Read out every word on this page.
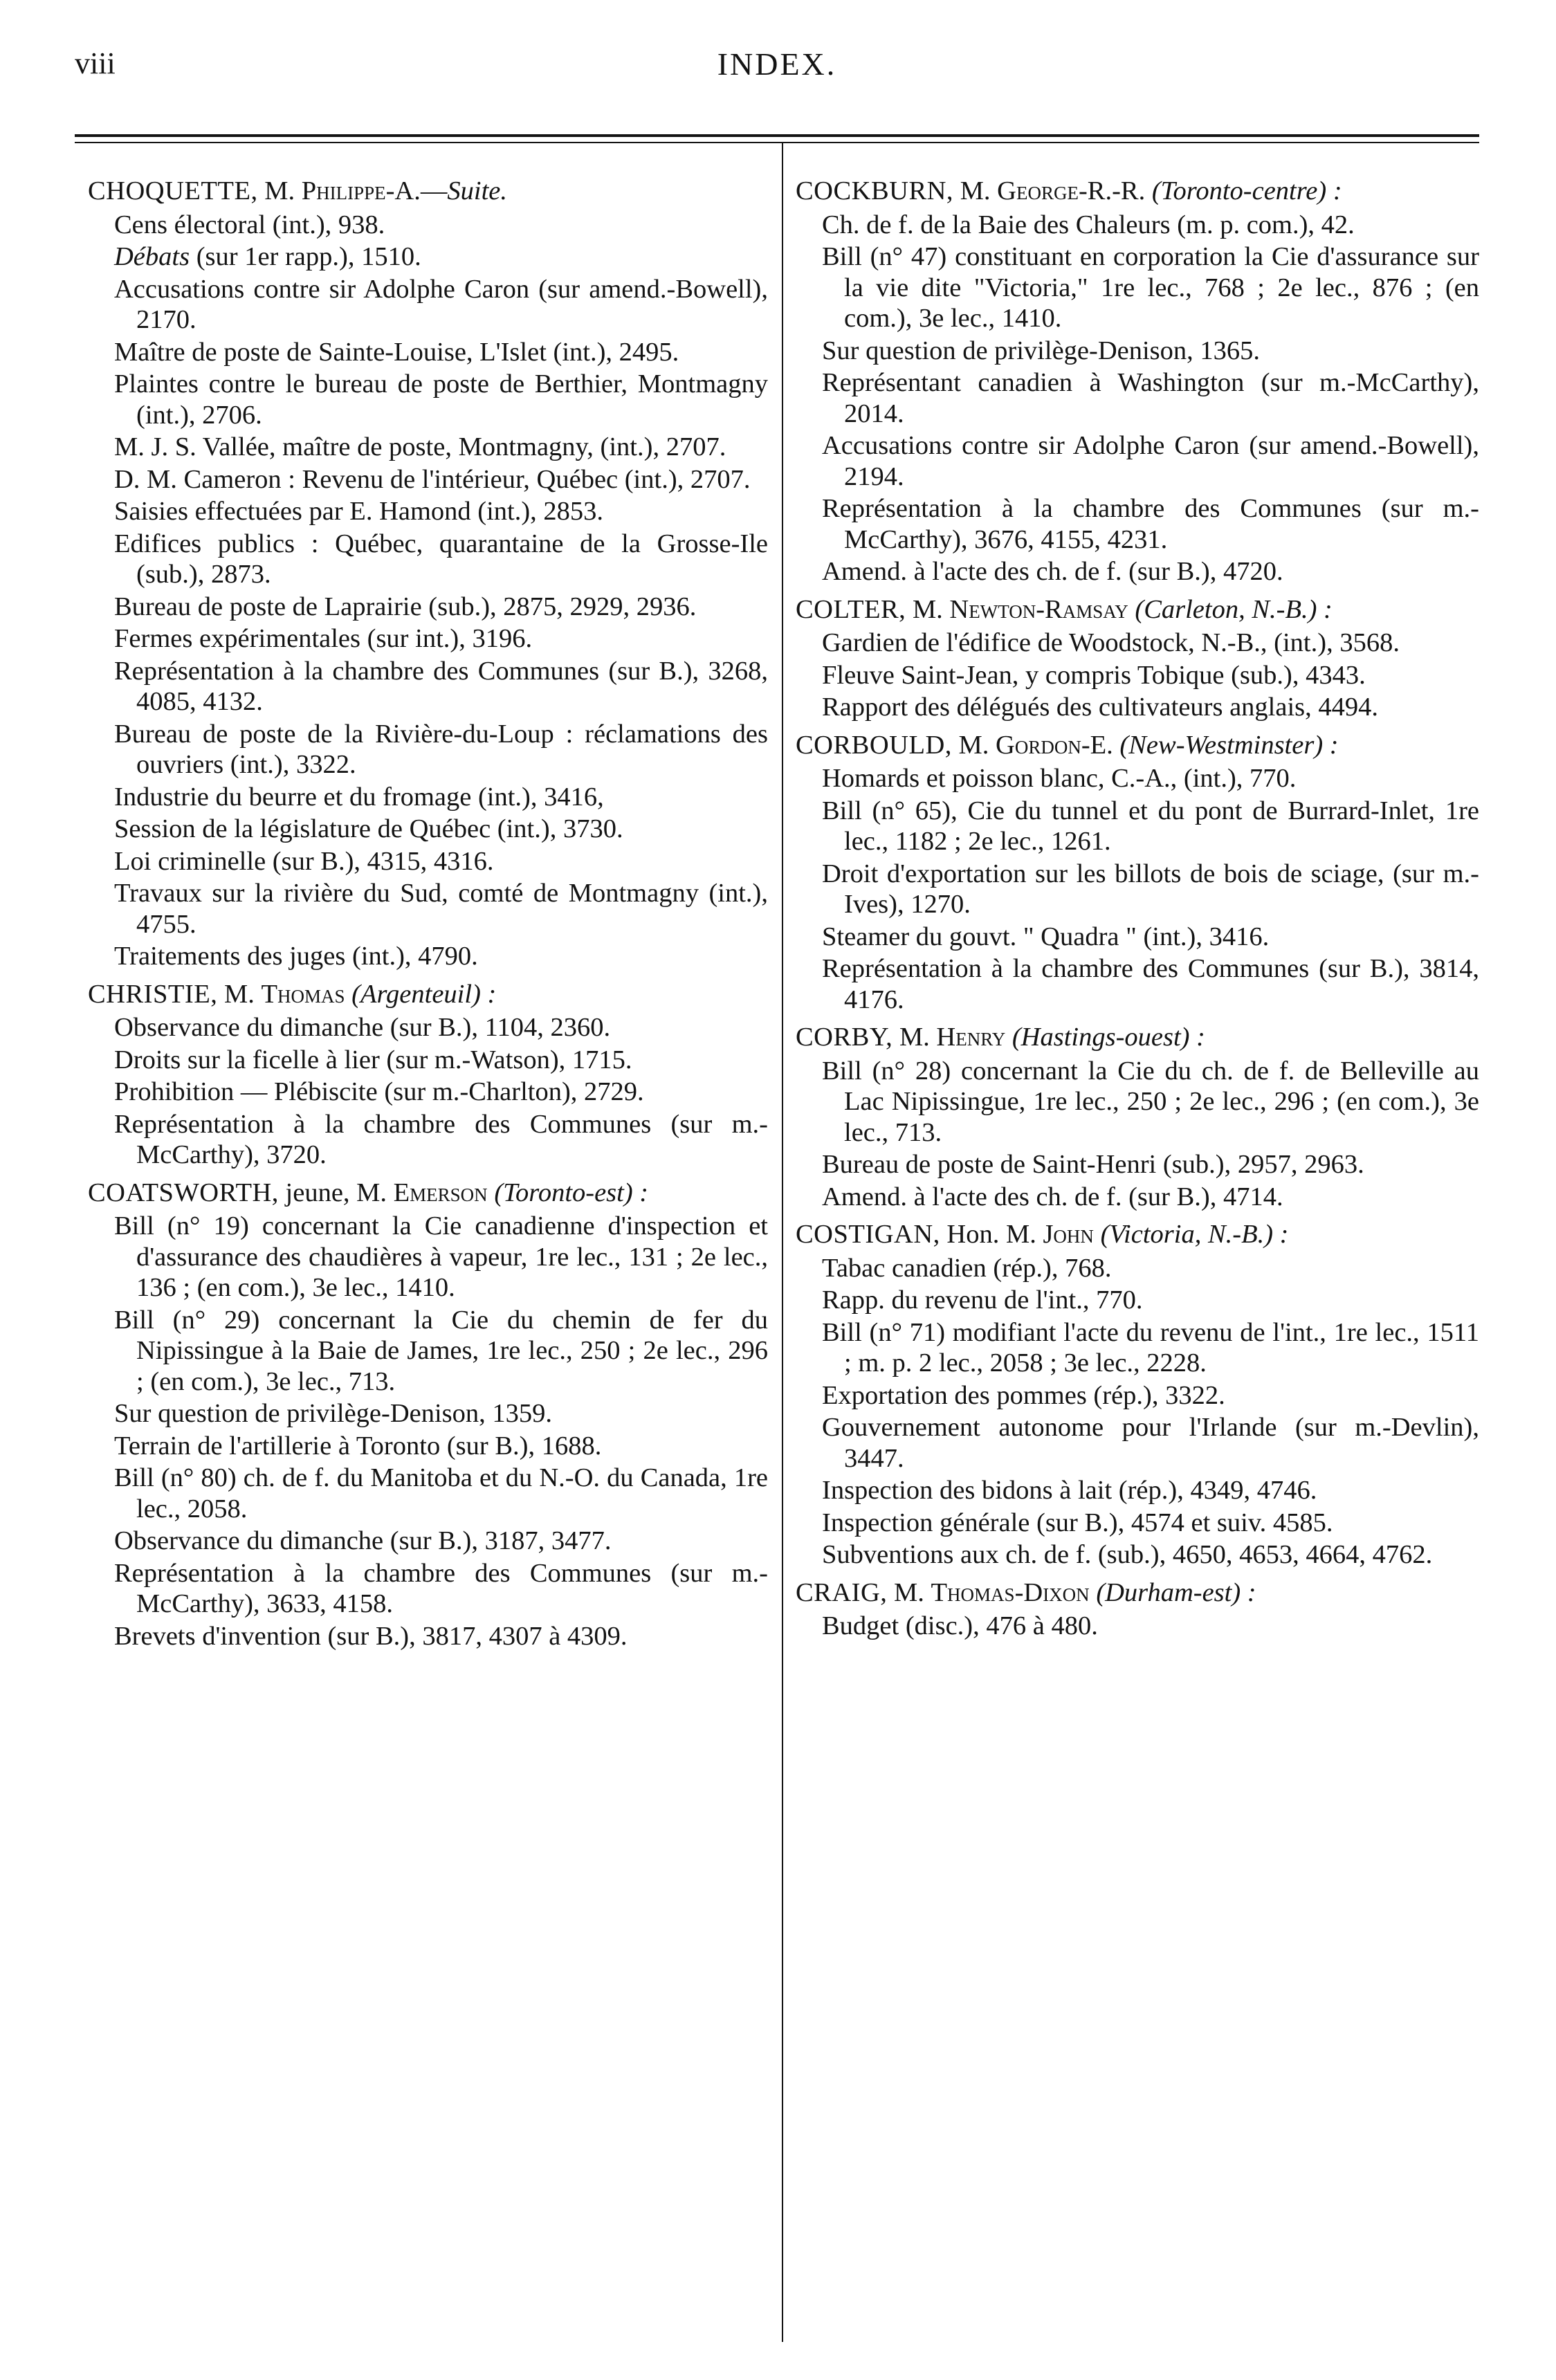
viii	INDEX.
CHOQUETTE, M. Philippe-A.—Suite.
Cens électoral (int.), 938.
Débats (sur 1er rapp.), 1510.
Accusations contre sir Adolphe Caron (sur amend.-Bowell), 2170.
Maître de poste de Sainte-Louise, L'Islet (int.), 2495.
Plaintes contre le bureau de poste de Berthier, Montmagny (int.), 2706.
M. J. S. Vallée, maître de poste, Montmagny, (int.), 2707.
D. M. Cameron : Revenu de l'intérieur, Québec (int.), 2707.
Saisies effectuées par E. Hamond (int.), 2853.
Edifices publics : Québec, quarantaine de la Grosse-Ile (sub.), 2873.
Bureau de poste de Laprairie (sub.), 2875, 2929, 2936.
Fermes expérimentales (sur int.), 3196.
Représentation à la chambre des Communes (sur B.), 3268, 4085, 4132.
Bureau de poste de la Rivière-du-Loup : réclamations des ouvriers (int.), 3322.
Industrie du beurre et du fromage (int.), 3416,
Session de la législature de Québec (int.), 3730.
Loi criminelle (sur B.), 4315, 4316.
Travaux sur la rivière du Sud, comté de Montmagny (int.), 4755.
Traitements des juges (int.), 4790.
CHRISTIE, M. Thomas (Argenteuil) :
Observance du dimanche (sur B.), 1104, 2360.
Droits sur la ficelle à lier (sur m.-Watson), 1715.
Prohibition — Plébiscite (sur m.-Charlton), 2729.
Représentation à la chambre des Communes (sur m.-McCarthy), 3720.
COATSWORTH, jeune, M. Emerson (Toronto-est) :
Bill (n° 19) concernant la Cie canadienne d'inspection et d'assurance des chaudières à vapeur, 1re lec., 131 ; 2e lec., 136 ; (en com.), 3e lec., 1410.
Bill (n° 29) concernant la Cie du chemin de fer du Nipissingue à la Baie de James, 1re lec., 250 ; 2e lec., 296 ; (en com.), 3e lec., 713.
Sur question de privilège-Denison, 1359.
Terrain de l'artillerie à Toronto (sur B.), 1688.
Bill (n° 80) ch. de f. du Manitoba et du N.-O. du Canada, 1re lec., 2058.
Observance du dimanche (sur B.), 3187, 3477.
Représentation à la chambre des Communes (sur m.-McCarthy), 3633, 4158.
Brevets d'invention (sur B.), 3817, 4307 à 4309.
COCKBURN, M. George-R.-R. (Toronto-centre) :
Ch. de f. de la Baie des Chaleurs (m. p. com.), 42.
Bill (n° 47) constituant en corporation la Cie d'assurance sur la vie dite "Victoria," 1re lec., 768 ; 2e lec., 876 ; (en com.), 3e lec., 1410.
Sur question de privilège-Denison, 1365.
Représentant canadien à Washington (sur m.-McCarthy), 2014.
Accusations contre sir Adolphe Caron (sur amend.-Bowell), 2194.
Représentation à la chambre des Communes (sur m.-McCarthy), 3676, 4155, 4231.
Amend. à l'acte des ch. de f. (sur B.), 4720.
COLTER, M. Newton-Ramsay (Carleton, N.-B.) :
Gardien de l'édifice de Woodstock, N.-B., (int.), 3568.
Fleuve Saint-Jean, y compris Tobique (sub.), 4343.
Rapport des délégués des cultivateurs anglais, 4494.
CORBOULD, M. Gordon-E. (New-Westminster) :
Homards et poisson blanc, C.-A., (int.), 770.
Bill (n° 65), Cie du tunnel et du pont de Burrard-Inlet, 1re lec., 1182 ; 2e lec., 1261.
Droit d'exportation sur les billots de bois de sciage, (sur m.-Ives), 1270.
Steamer du gouvt. " Quadra " (int.), 3416.
Représentation à la chambre des Communes (sur B.), 3814, 4176.
CORBY, M. Henry (Hastings-ouest) :
Bill (n° 28) concernant la Cie du ch. de f. de Belleville au Lac Nipissingue, 1re lec., 250 ; 2e lec., 296 ; (en com.), 3e lec., 713.
Bureau de poste de Saint-Henri (sub.), 2957, 2963.
Amend. à l'acte des ch. de f. (sur B.), 4714.
COSTIGAN, Hon. M. John (Victoria, N.-B.) :
Tabac canadien (rép.), 768.
Rapp. du revenu de l'int., 770.
Bill (n° 71) modifiant l'acte du revenu de l'int., 1re lec., 1511 ; m. p. 2 lec., 2058 ; 3e lec., 2228.
Exportation des pommes (rép.), 3322.
Gouvernement autonome pour l'Irlande (sur m.-Devlin), 3447.
Inspection des bidons à lait (rép.), 4349, 4746.
Inspection générale (sur B.), 4574 et suiv. 4585.
Subventions aux ch. de f. (sub.), 4650, 4653, 4664, 4762.
CRAIG, M. Thomas-Dixon (Durham-est) :
Budget (disc.), 476 à 480.
